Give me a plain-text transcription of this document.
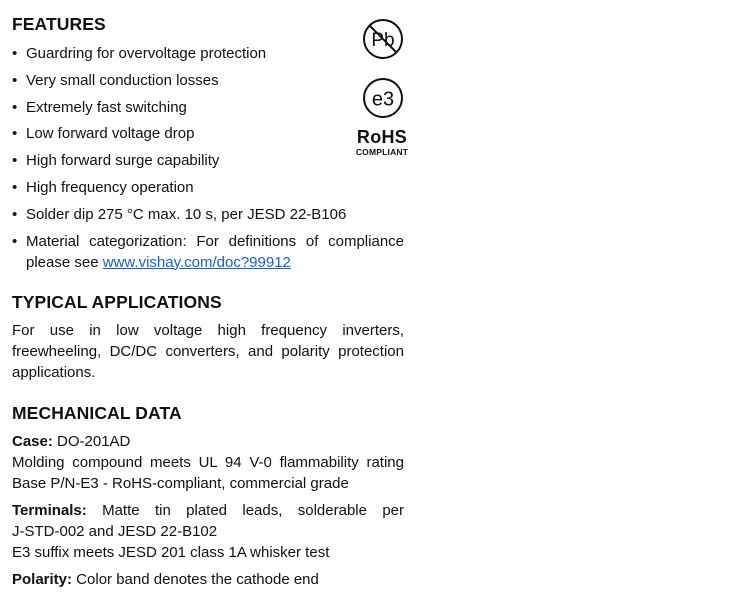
FEATURES
• Guardring for overvoltage protection
• Very small conduction losses
• Extremely fast switching
• Low forward voltage drop
• High forward surge capability
• High frequency operation
• Solder dip 275 °C max. 10 s, per JESD 22-B106
• Material categorization: For definitions of compliance
please see www.vishay.com/doc?99912
TYPICAL APPLICATIONS

For use in low voltage high frequency inverters, freewheeling, DC/DC converters, and polarity protection applications.

MECHANICAL DATA

Case: DO-201AD

Molding compound meets UL 94 V-0 flammability rating

Base P/N-E3 - RoHS-compliant, commercial grade

Terminals: Matte tin plated leads, solderable per

J-STD-002 and JESD 22-B102

E3 suffix meets JESD 201 class 1A whisker test

Polarity: Color band denotes the cathode end

Pb
e3
RoHS
COMPLIANT
